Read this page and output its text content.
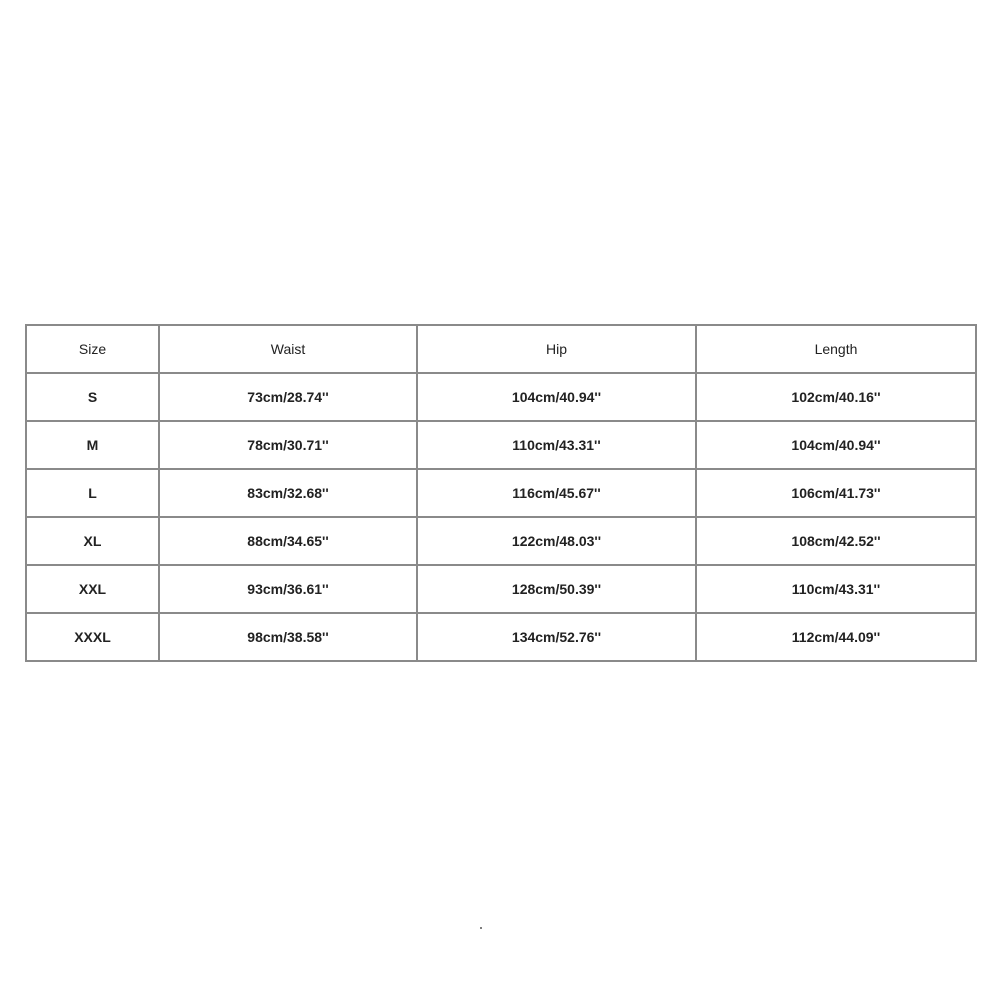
Size	Waist	Hip	Length
S	73cm/28.74''	104cm/40.94''	102cm/40.16''
M	78cm/30.71''	110cm/43.31''	104cm/40.94''
L	83cm/32.68''	116cm/45.67''	106cm/41.73''
XL	88cm/34.65''	122cm/48.03''	108cm/42.52''
XXL	93cm/36.61''	128cm/50.39''	110cm/43.31''
XXXL	98cm/38.58''	134cm/52.76''	112cm/44.09''
